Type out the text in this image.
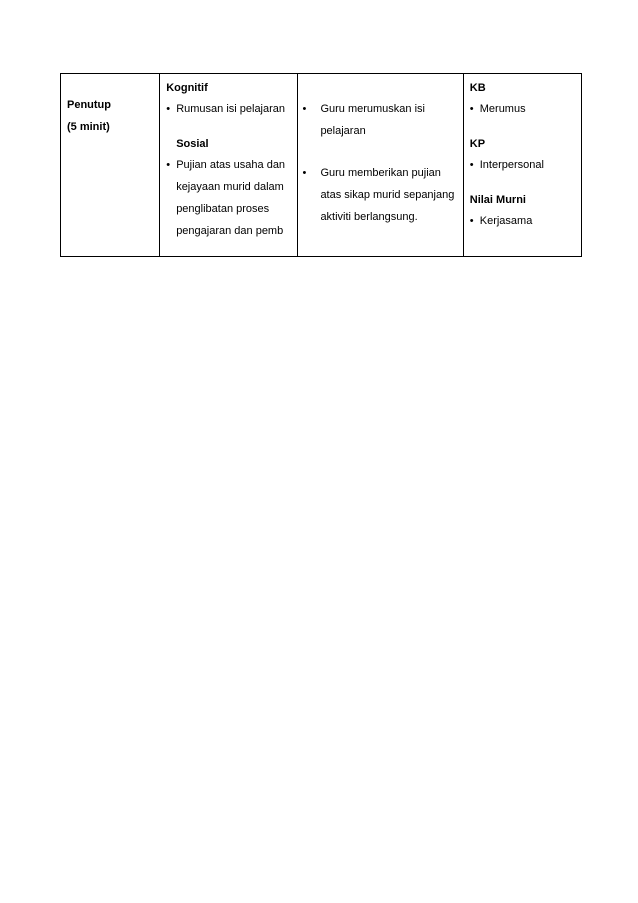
Penutup
(5 minit)

Kognitif
• Rumusan isi pelajaran
Sosial
• Pujian atas usaha dan kejayaan murid dalam penglibatan proses pengajaran dan pemb

• Guru merumuskan isi pelajaran
• Guru memberikan pujian atas sikap murid sepanjang aktiviti berlangsung.

KB
• Merumus
KP
• Interpersonal
Nilai Murni
• Kerjasama
